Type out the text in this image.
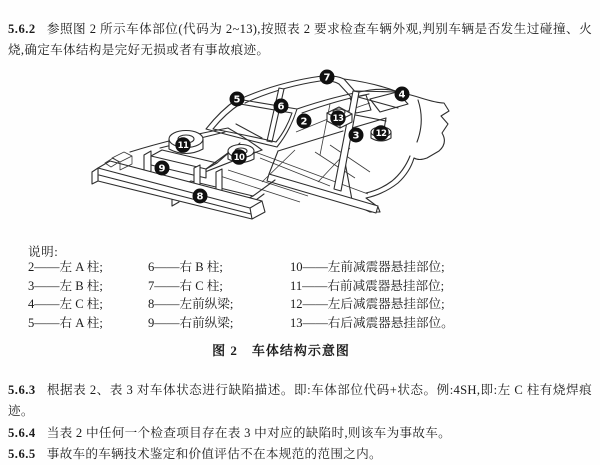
5.6.2 参照图 2 所示车体部位(代码为 2~13),按照表 2 要求检查车辆外观,判别车辆是否发生过碰撞、火烧,确定车体结构是完好无损或者有事故痕迹。

2
3
4
5
6
7
8
9
10
11
12
13
说明:
2——左 A 柱;
3——左 B 柱;
4——左 C 柱;
5——右 A 柱;
6——右 B 柱;
7——右 C 柱;
8——左前纵梁;
9——右前纵梁;
10——左前减震器悬挂部位;
11——右前减震器悬挂部位;
12——左后减震器悬挂部位;
13——右后减震器悬挂部位。
图 2　车体结构示意图

5.6.3 根据表 2、表 3 对车体状态进行缺陷描述。即:车体部位代码+状态。例:4SH,即:左 C 柱有烧焊痕迹。

5.6.4 当表 2 中任何一个检查项目存在表 3 中对应的缺陷时,则该车为事故车。

5.6.5 事故车的车辆技术鉴定和价值评估不在本规范的范围之内。
